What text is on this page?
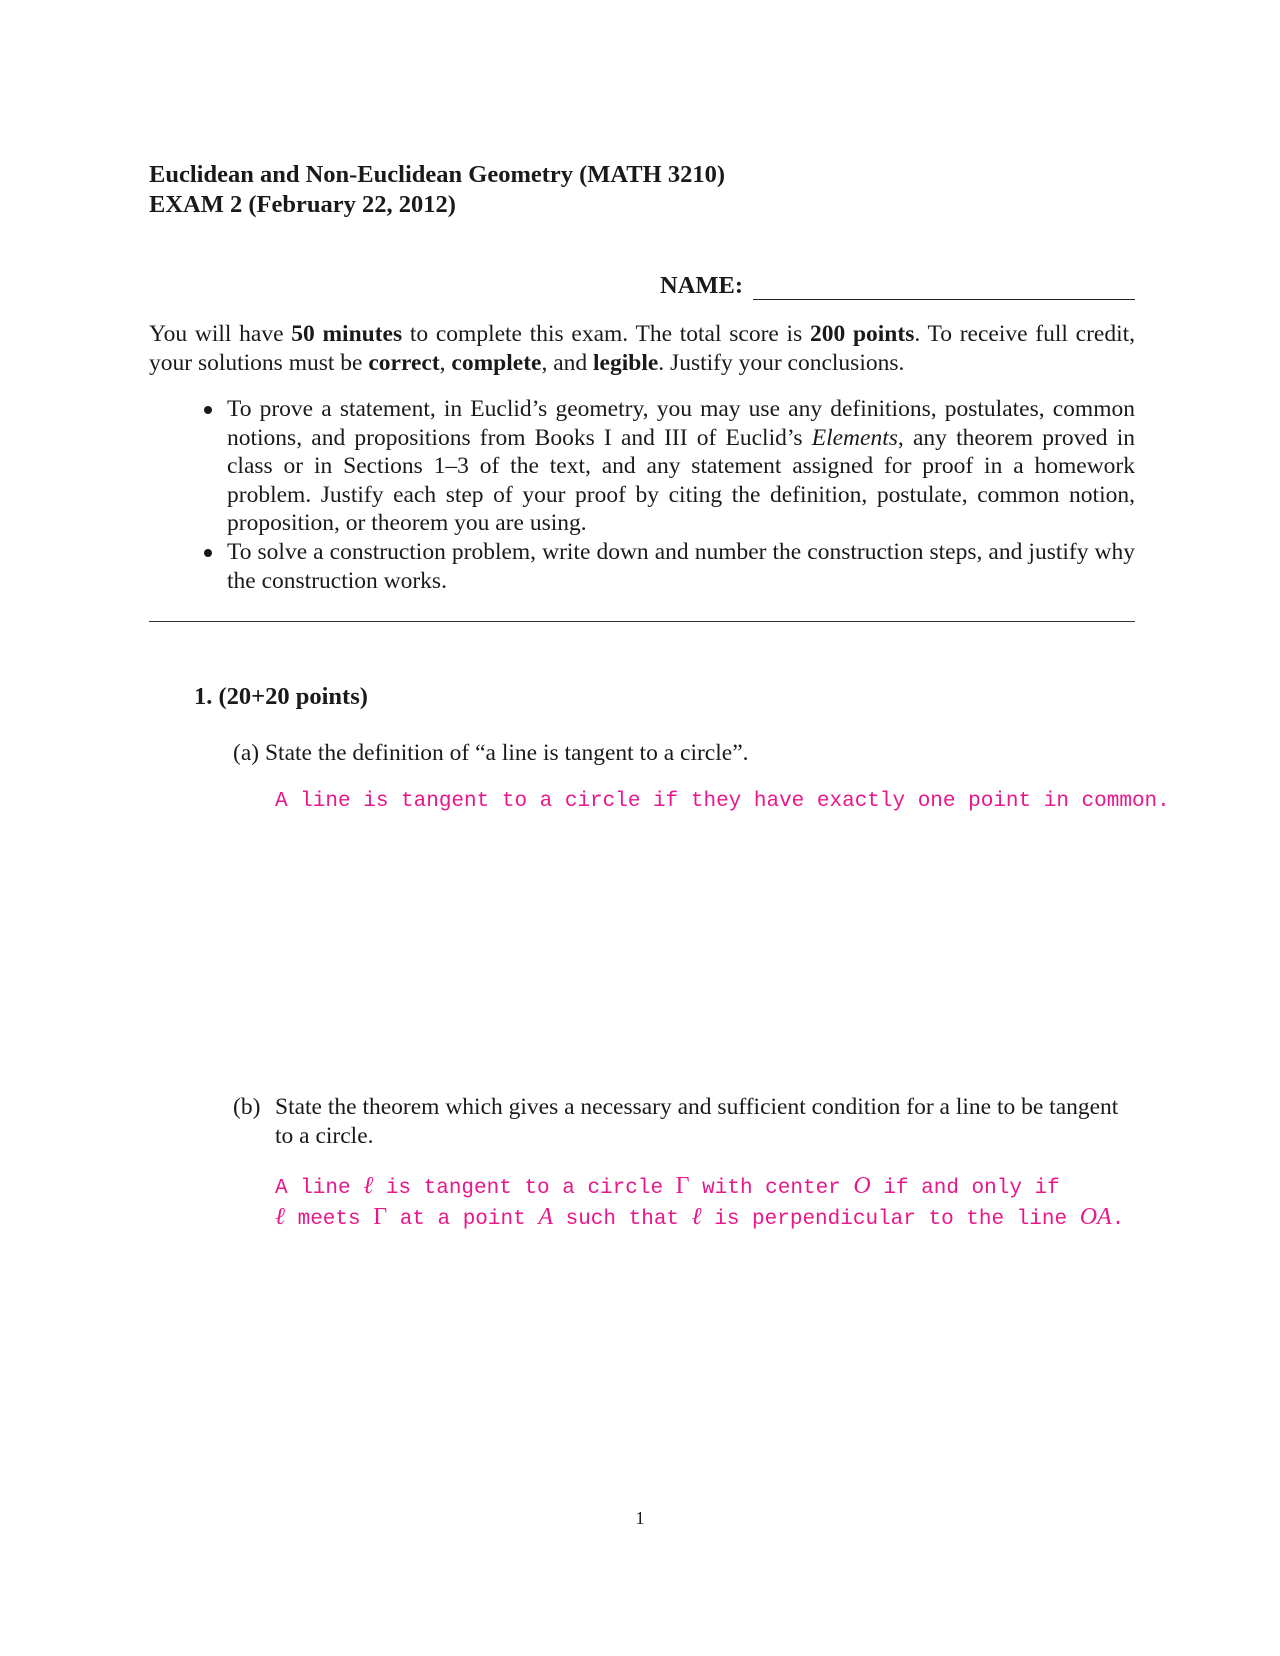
Euclidean and Non-Euclidean Geometry (MATH 3210)
EXAM 2 (February 22, 2012)
NAME:
You will have 50 minutes to complete this exam. The total score is 200 points. To receive full credit, your solutions must be correct, complete, and legible. Justify your conclusions.
To prove a statement, in Euclid’s geometry, you may use any definitions, postulates, common notions, and propositions from Books I and III of Euclid’s Elements, any theorem proved in class or in Sections 1–3 of the text, and any statement assigned for proof in a homework problem. Justify each step of your proof by citing the definition, postulate, common notion, proposition, or theorem you are using.
To solve a construction problem, write down and number the construction steps, and justify why the construction works.
1. (20+20 points)
(a) State the definition of “a line is tangent to a circle”.
A line is tangent to a circle if they have exactly one point in common.
(b) State the theorem which gives a necessary and sufficient condition for a line to be tangent to a circle.
A line ℓ is tangent to a circle Γ with center O if and only if
ℓ meets Γ at a point A such that ℓ is perpendicular to the line OA.
1
